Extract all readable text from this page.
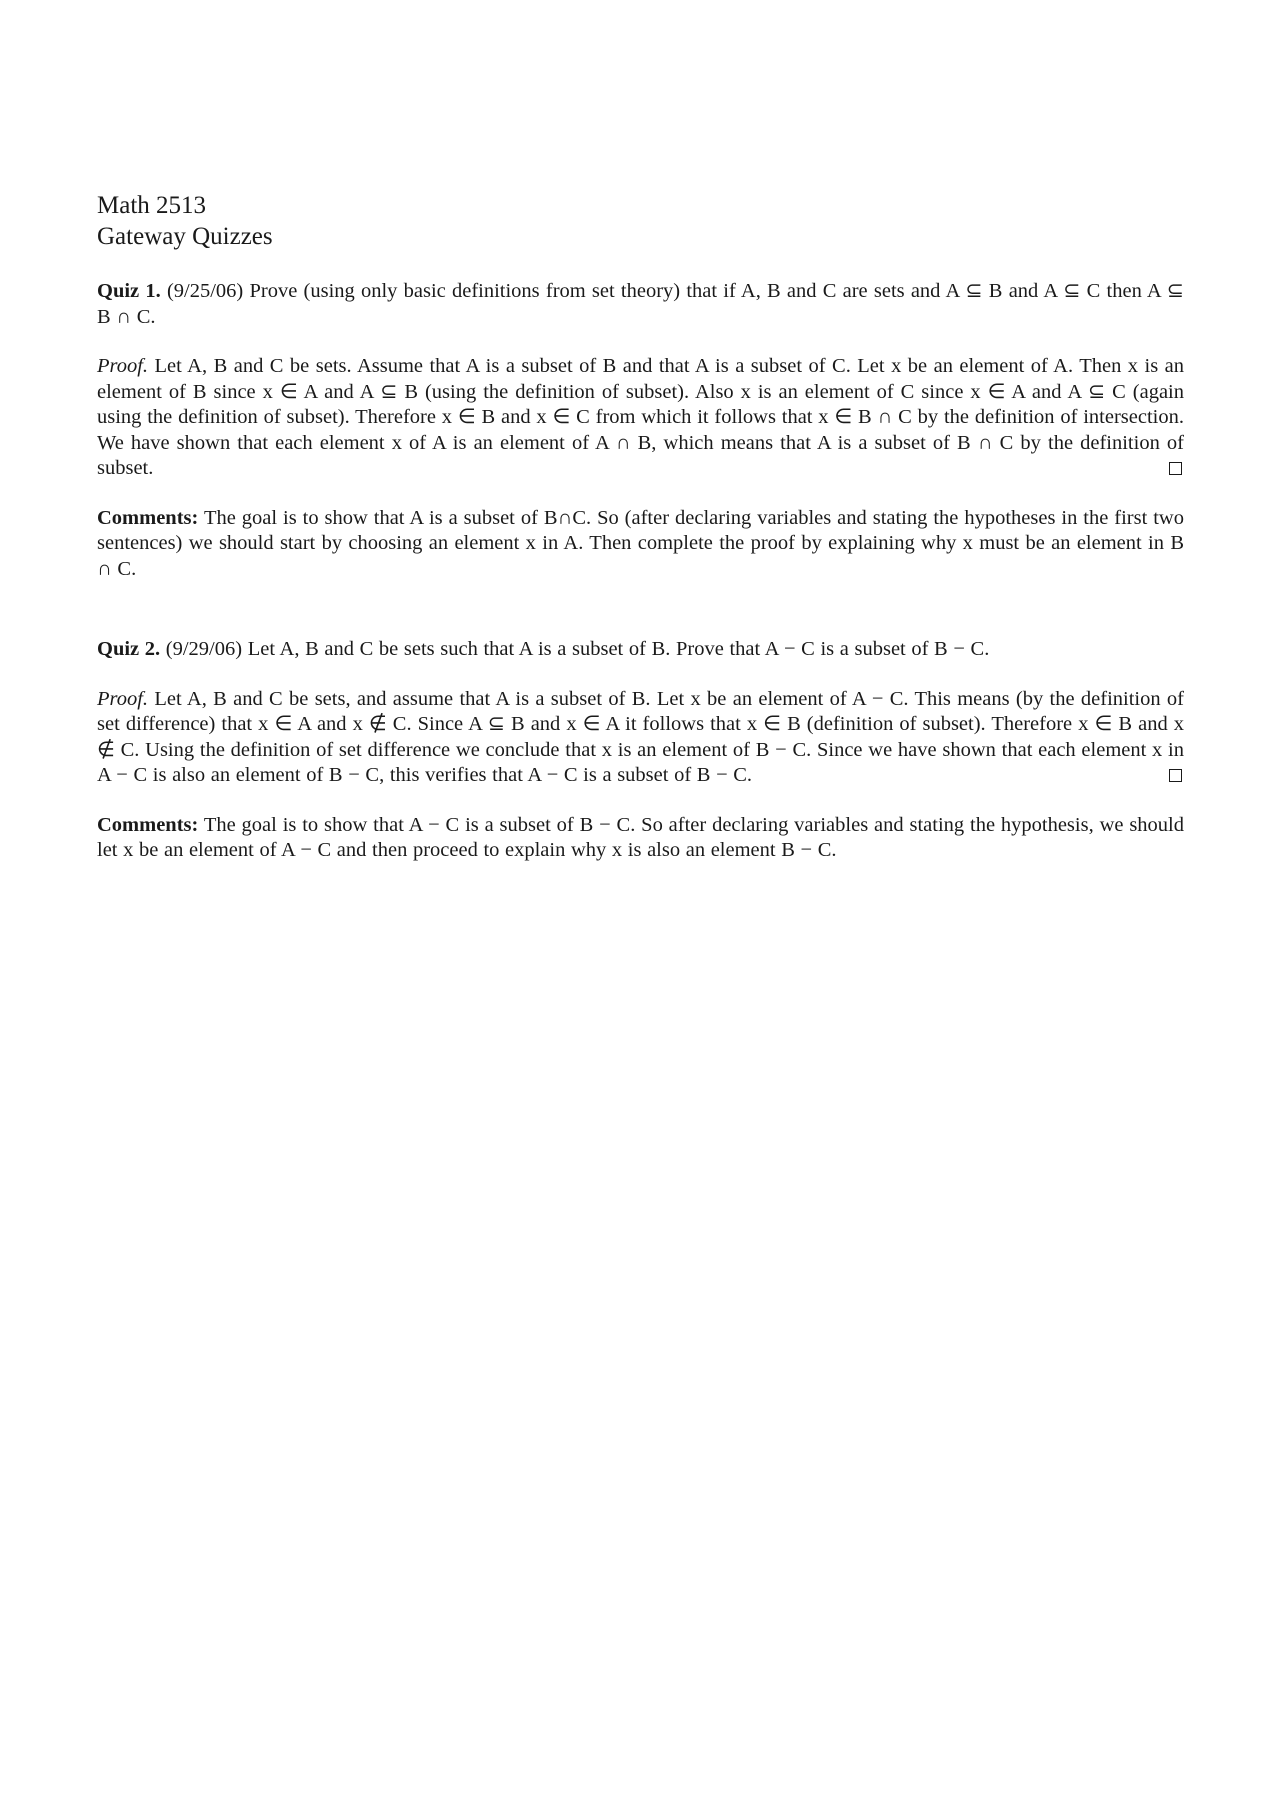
Math 2513
Gateway Quizzes

Quiz 1. (9/25/06) Prove (using only basic definitions from set theory) that if A, B and C are sets and A ⊆ B and A ⊆ C then A ⊆ B ∩ C.

Proof. Let A, B and C be sets. Assume that A is a subset of B and that A is a subset of C. Let x be an element of A. Then x is an element of B since x ∈ A and A ⊆ B (using the definition of subset). Also x is an element of C since x ∈ A and A ⊆ C (again using the definition of subset). Therefore x ∈ B and x ∈ C from which it follows that x ∈ B ∩ C by the definition of intersection. We have shown that each element x of A is an element of A ∩ B, which means that A is a subset of B ∩ C by the definition of subset.

Comments: The goal is to show that A is a subset of B∩C. So (after declaring variables and stating the hypotheses in the first two sentences) we should start by choosing an element x in A. Then complete the proof by explaining why x must be an element in B ∩ C.

Quiz 2. (9/29/06) Let A, B and C be sets such that A is a subset of B. Prove that A − C is a subset of B − C.

Proof. Let A, B and C be sets, and assume that A is a subset of B. Let x be an element of A − C. This means (by the definition of set difference) that x ∈ A and x ∉ C. Since A ⊆ B and x ∈ A it follows that x ∈ B (definition of subset). Therefore x ∈ B and x ∉ C. Using the definition of set difference we conclude that x is an element of B − C. Since we have shown that each element x in A − C is also an element of B − C, this verifies that A − C is a subset of B − C.

Comments: The goal is to show that A − C is a subset of B − C. So after declaring variables and stating the hypothesis, we should let x be an element of A − C and then proceed to explain why x is also an element B − C.
